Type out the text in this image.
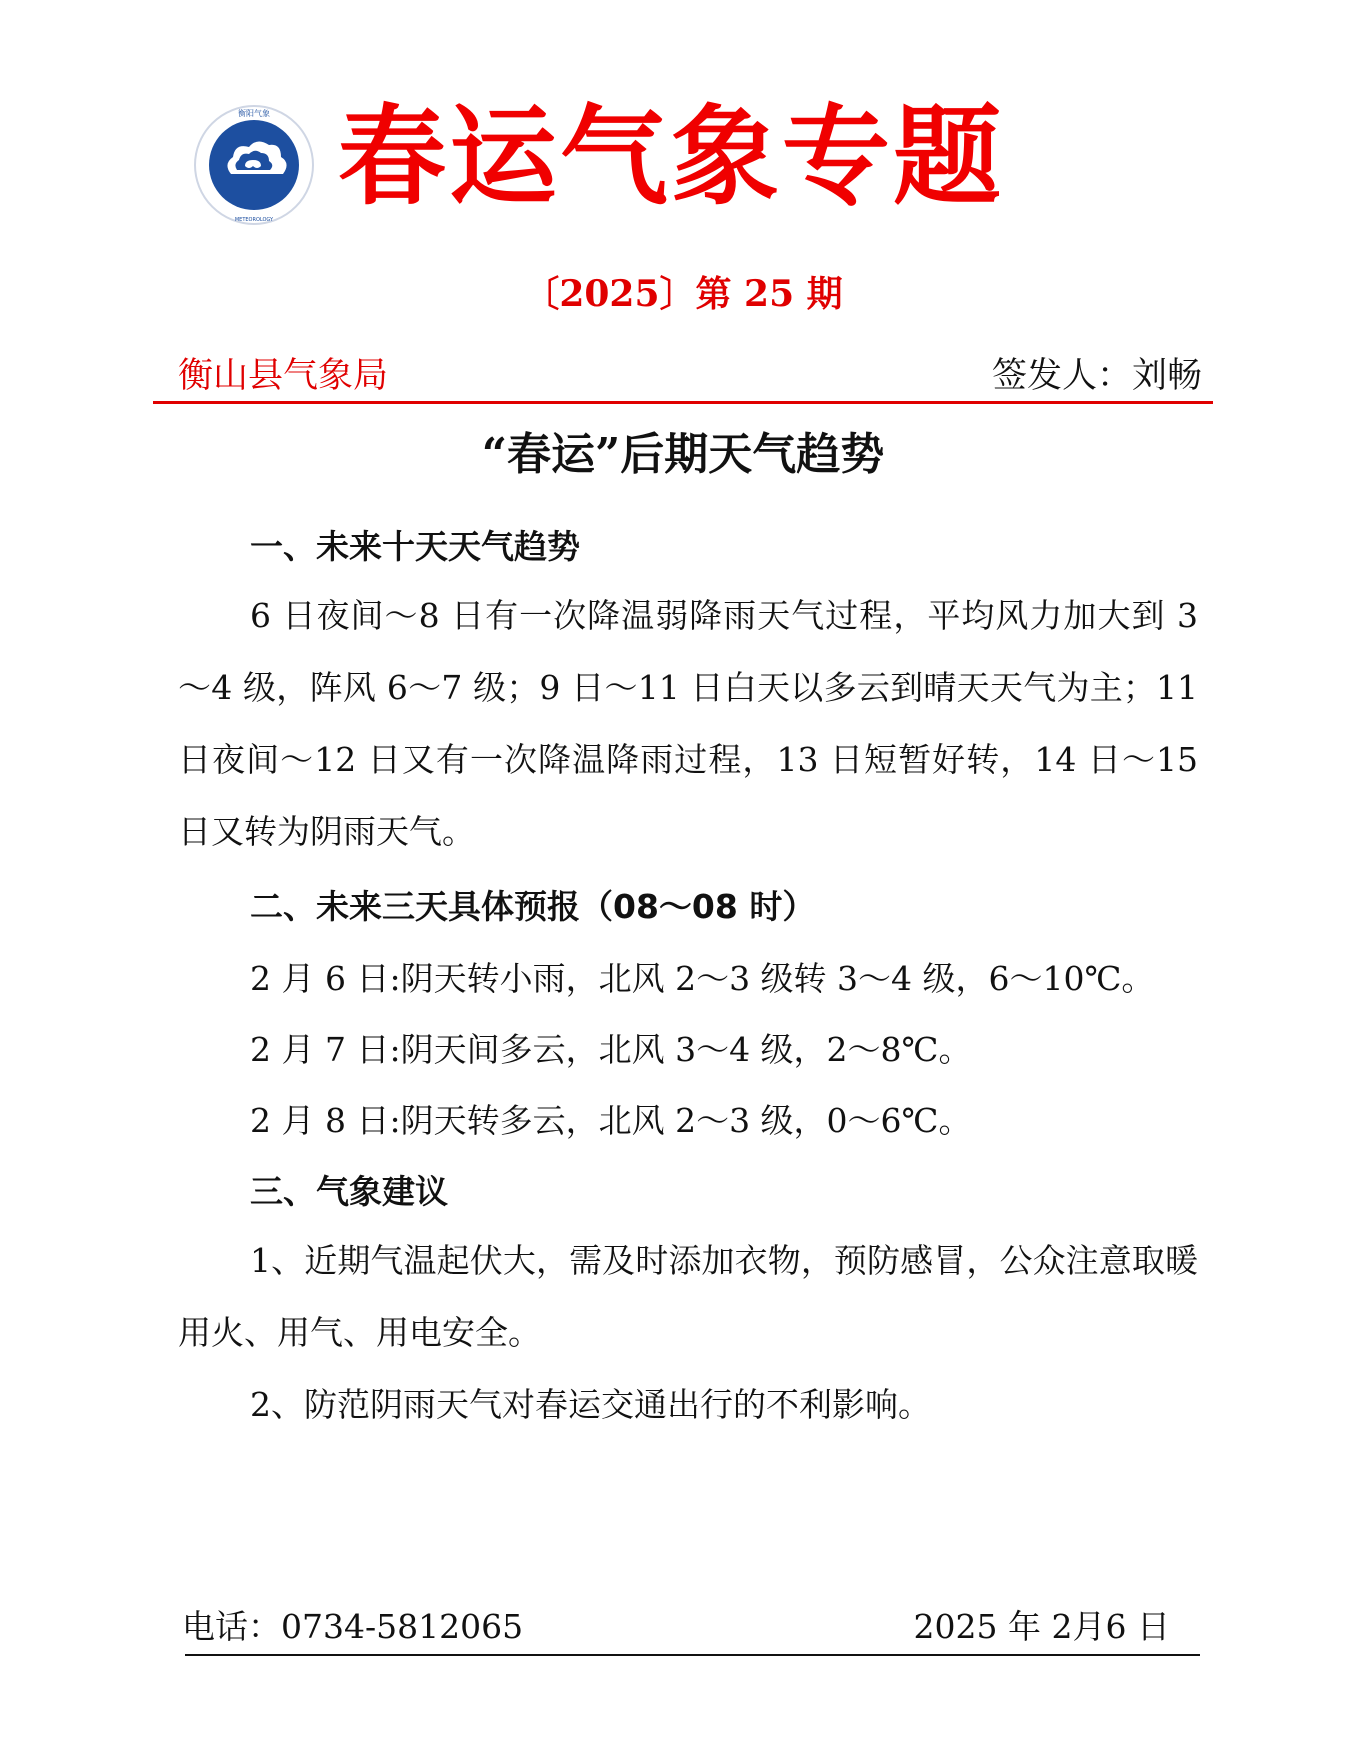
衡阳气象
METEOROLOGY 春运气象专题
〔2025〕第 25 期
衡山县气象局	签发人：刘畅
“春运”后期天气趋势
一、未来十天天气趋势
6 日夜间～8 日有一次降温弱降雨天气过程，平均风力加大到 3～4 级，阵风 6～7 级；9 日～11 日白天以多云到晴天天气为主；11 日夜间～12 日又有一次降温降雨过程，13 日短暂好转，14 日～15 日又转为阴雨天气。
二、未来三天具体预报（08～08 时）
2 月 6 日:阴天转小雨，北风 2～3 级转 3～4 级，6～10℃。
2 月 7 日:阴天间多云，北风 3～4 级，2～8℃。
2 月 8 日:阴天转多云，北风 2～3 级，0～6℃。
三、气象建议
1、近期气温起伏大，需及时添加衣物，预防感冒，公众注意取暖用火、用气、用电安全。
2、防范阴雨天气对春运交通出行的不利影响。
电话：0734-5812065	2025 年 2月6 日
